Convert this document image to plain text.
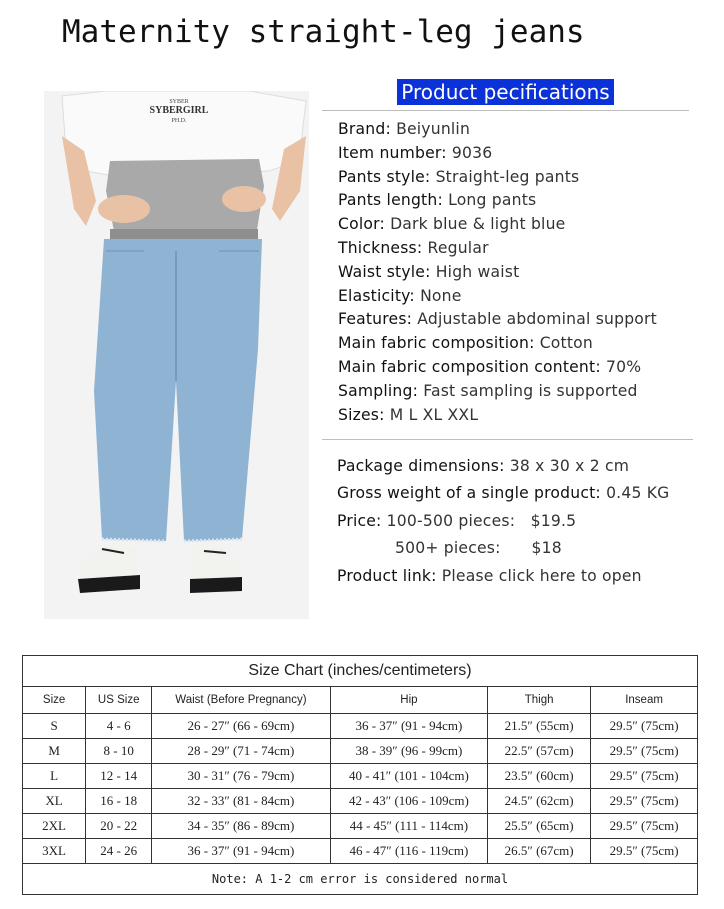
Maternity straight-leg jeans
SYBER
SYBERGIRL
PH.D.
Product pecifications
Brand: Beiyunlin
Item number: 9036
Pants style: Straight-leg pants
Pants length: Long pants
Color: Dark blue & light blue
Thickness: Regular
Waist style: High waist
Elasticity: None
Features: Adjustable abdominal support
Main fabric composition: Cotton
Main fabric composition content: 70%
Sampling: Fast sampling is supported
Sizes: M L XL XXL
Package dimensions: 38 x 30 x 2 cm
Gross weight of a single product: 0.45 KG
Price: 100-500 pieces: $19.5
500+ pieces: $18
Product link: Please click here to open
Size Chart (inches/centimeters)					
Size	US Size	Waist (Before Pregnancy)	Hip	Thigh	Inseam
S	4 - 6	26 - 27″ (66 - 69cm)	36 - 37″ (91 - 94cm)	21.5″ (55cm)	29.5″ (75cm)
M	8 - 10	28 - 29″ (71 - 74cm)	38 - 39″ (96 - 99cm)	22.5″ (57cm)	29.5″ (75cm)
L	12 - 14	30 - 31″ (76 - 79cm)	40 - 41″ (101 - 104cm)	23.5″ (60cm)	29.5″ (75cm)
XL	16 - 18	32 - 33″ (81 - 84cm)	42 - 43″ (106 - 109cm)	24.5″ (62cm)	29.5″ (75cm)
2XL	20 - 22	34 - 35″ (86 - 89cm)	44 - 45″ (111 - 114cm)	25.5″ (65cm)	29.5″ (75cm)
3XL	24 - 26	36 - 37″ (91 - 94cm)	46 - 47″ (116 - 119cm)	26.5″ (67cm)	29.5″ (75cm)
Note: A 1-2 cm error is considered normal					
